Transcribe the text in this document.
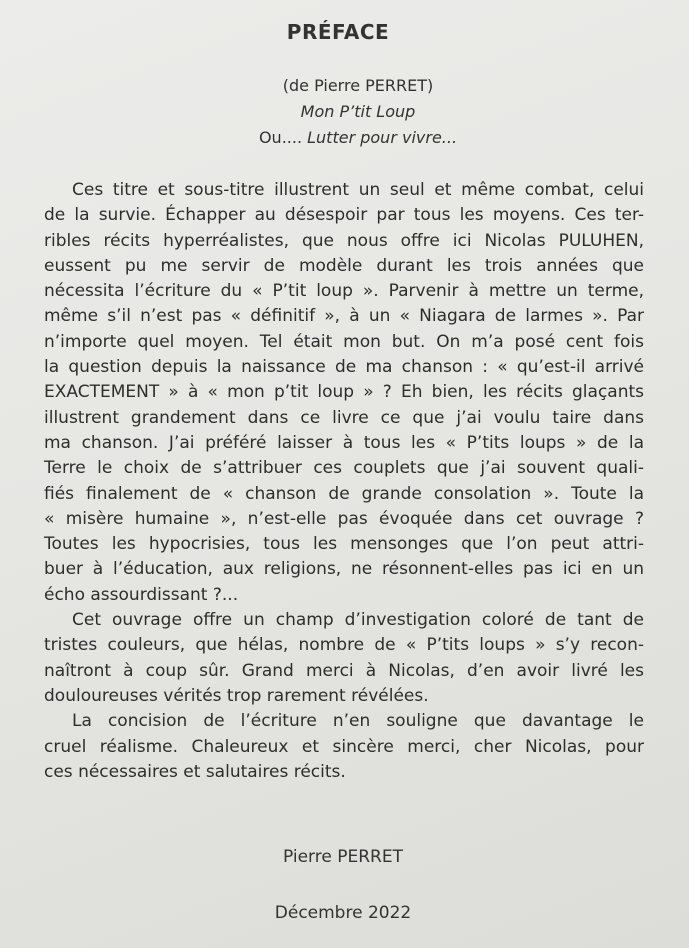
PRÉFACE
(de Pierre PERRET)
Mon P’tit Loup
Ou.... Lutter pour vivre...
Ces titre et sous-titre illustrent un seul et même combat, celui
de la survie. Échapper au désespoir par tous les moyens. Ces ter-
ribles récits hyperréalistes, que nous offre ici Nicolas PULUHEN,
eussent pu me servir de modèle durant les trois années que
nécessita l’écriture du « P’tit loup ». Parvenir à mettre un terme,
même s’il n’est pas « définitif », à un « Niagara de larmes ». Par
n’importe quel moyen. Tel était mon but. On m’a posé cent fois
la question depuis la naissance de ma chanson : « qu’est-il arrivé
EXACTEMENT » à « mon p’tit loup » ? Eh bien, les récits glaçants
illustrent grandement dans ce livre ce que j’ai voulu taire dans
ma chanson. J’ai préféré laisser à tous les « P’tits loups » de la
Terre le choix de s’attribuer ces couplets que j’ai souvent quali-
fiés finalement de « chanson de grande consolation ». Toute la
« misère humaine », n’est-elle pas évoquée dans cet ouvrage ?
Toutes les hypocrisies, tous les mensonges que l’on peut attri-
buer à l’éducation, aux religions, ne résonnent-elles pas ici en un
écho assourdissant ?...
Cet ouvrage offre un champ d’investigation coloré de tant de
tristes couleurs, que hélas, nombre de « P’tits loups » s’y recon-
naîtront à coup sûr. Grand merci à Nicolas, d’en avoir livré les
douloureuses vérités trop rarement révélées.
La concision de l’écriture n’en souligne que davantage le
cruel réalisme. Chaleureux et sincère merci, cher Nicolas, pour
ces nécessaires et salutaires récits.
Pierre PERRET
Décembre 2022
